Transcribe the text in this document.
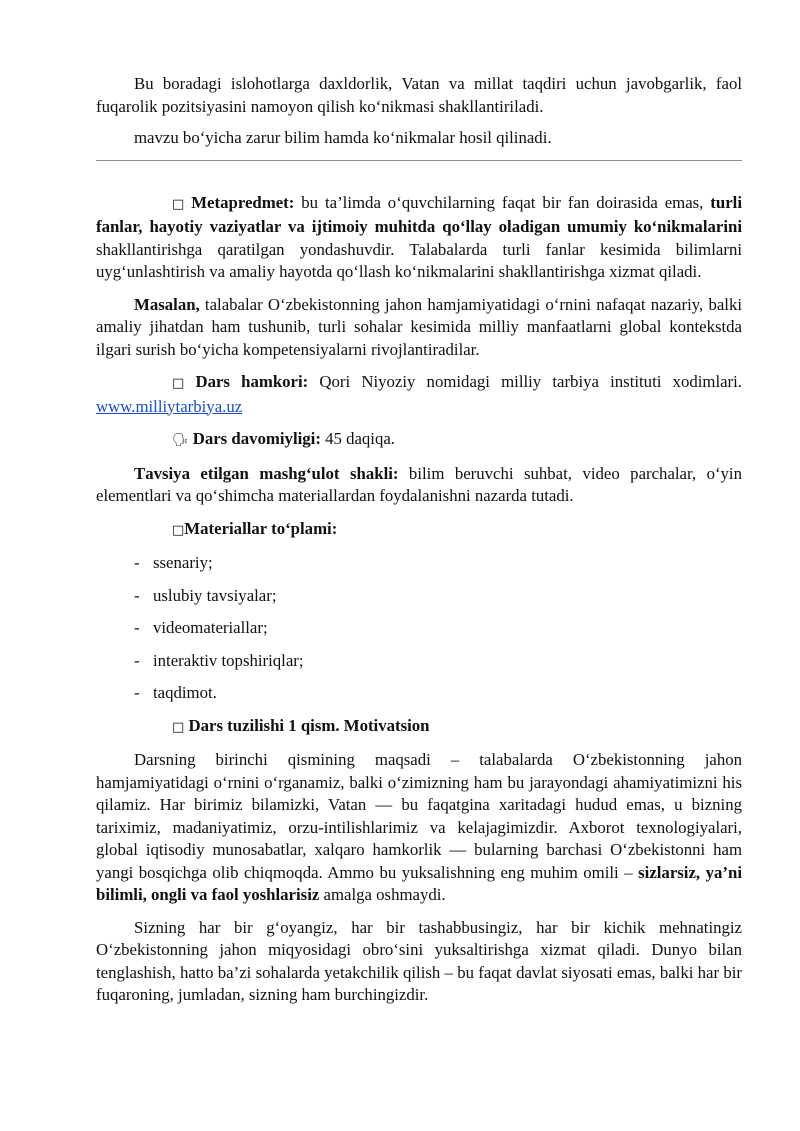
Bu boradagi islohotlarga daxldorlik, Vatan va millat taqdiri uchun javobgarlik, faol fuqarolik pozitsiyasini namoyon qilish ko‘nikmasi shakllantiriladi.

mavzu bo‘yicha zarur bilim hamda ko‘nikmalar hosil qilinadi.

□ Metapredmet: bu ta’limda o‘quvchilarning faqat bir fan doirasida emas, turli fanlar, hayotiy vaziyatlar va ijtimoiy muhitda qo‘llay oladigan umumiy ko‘nikmalarini shakllantirishga qaratilgan yondashuvdir. Talabalarda turli fanlar kesimida bilimlarni uyg‘unlashtirish va amaliy hayotda qo‘llash ko‘nikmalarini shakllantirishga xizmat qiladi.

Masalan, talabalar O‘zbekistonning jahon hamjamiyatidagi o‘rnini nafaqat nazariy, balki amaliy jihatdan ham tushunib, turli sohalar kesimida milliy manfaatlarni global kontekstda ilgari surish bo‘yicha kompetensiyalarni rivojlantiradilar.

□ Dars hamkori: Qori Niyoziy nomidagi milliy tarbiya instituti xodimlari. www.milliytarbiya.uz

🗣 Dars davomiyligi: 45 daqiqa.

Тavsiya etilgan mashg‘ulot shakli: bilim beruvchi suhbat, video parchalar, o‘yin elementlari va qo‘shimcha materiallardan foydalanishni nazarda tutadi.

□Materiallar to‘plami:

- ssenariy;
- uslubiy tavsiyalar;
- videomateriallar;
- interaktiv topshiriqlar;
- taqdimot.

□ Dars tuzilishi 1 qism. Motivatsion

Darsning birinchi qismining maqsadi – talabalarda O‘zbekistonning jahon hamjamiyatidagi o‘rnini o‘rganamiz, balki o‘zimizning ham bu jarayondagi ahamiyatimizni his qilamiz. Har birimiz bilamizki, Vatan — bu faqatgina xaritadagi hudud emas, u bizning tariximiz, madaniyatimiz, orzu-intilishlarimiz va kelajagimizdir. Axborot texnologiyalari, global iqtisodiy munosabatlar, xalqaro hamkorlik — bularning barchasi O‘zbekistonni ham yangi bosqichga olib chiqmoqda. Ammo bu yuksalishning eng muhim omili – sizlarsiz, ya’ni bilimli, ongli va faol yoshlarisiz amalga oshmaydi.

Sizning har bir g‘oyangiz, har bir tashabbusingiz, har bir kichik mehnatingiz O‘zbekistonning jahon miqyosidagi obro‘sini yuksaltirishga xizmat qiladi. Dunyo bilan tenglashish, hatto ba’zi sohalarda yetakchilik qilish – bu faqat davlat siyosati emas, balki har bir fuqaroning, jumladan, sizning ham burchingizdir.
